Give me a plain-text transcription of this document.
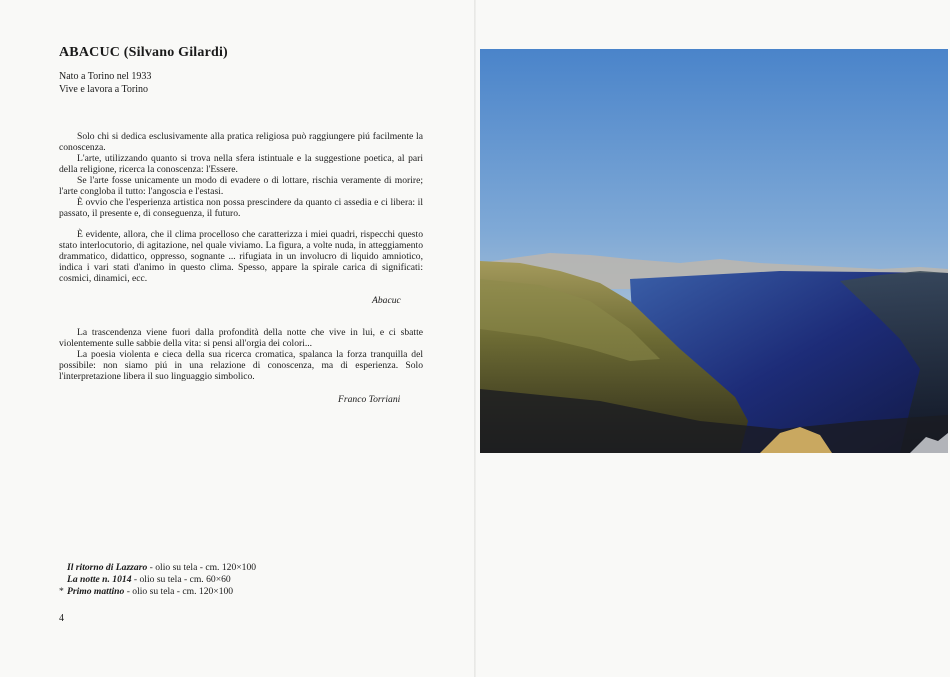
ABACUC (Silvano Gilardi)
Nato a Torino nel 1933
Vive e lavora a Torino

Solo chi si dedica esclusivamente alla pratica religiosa può raggiungere piú facilmente la conoscenza.

L'arte, utilizzando quanto si trova nella sfera istintuale e la suggestione poetica, al pari della religione, ricerca la conoscenza: l'Essere.

Se l'arte fosse unicamente un modo di evadere o di lottare, rischia veramente di morire; l'arte congloba il tutto: l'angoscia e l'estasi.

È ovvio che l'esperienza artistica non possa prescindere da quanto ci assedia e ci libera: il passato, il presente e, di conseguenza, il futuro.

È evidente, allora, che il clima procelloso che caratterizza i miei quadri, rispecchi questo stato interlocutorio, di agitazione, nel quale viviamo. La figura, a volte nuda, in atteggiamento drammatico, didattico, oppresso, sognante ... rifugiata in un involucro di liquido amniotico, indica i vari stati d'animo in questo clima. Spesso, appare la spirale carica di significati: cosmici, dinamici, ecc.

Abacuc

La trascendenza viene fuori dalla profondità della notte che vive in lui, e ci sbatte violentemente sulle sabbie della vita: si pensi all'orgia dei colori...

La poesia violenta e cieca della sua ricerca cromatica, spalanca la forza tranquilla del possibile: non siamo piú in una relazione di conoscenza, ma di esperienza. Solo l'interpretazione libera il suo linguaggio simbolico.

Franco Torriani
Il ritorno di Lazzaro - olio su tela - cm. 120×100
La notte n. 1014 - olio su tela - cm. 60×60
* Primo mattino - olio su tela - cm. 120×100
4
